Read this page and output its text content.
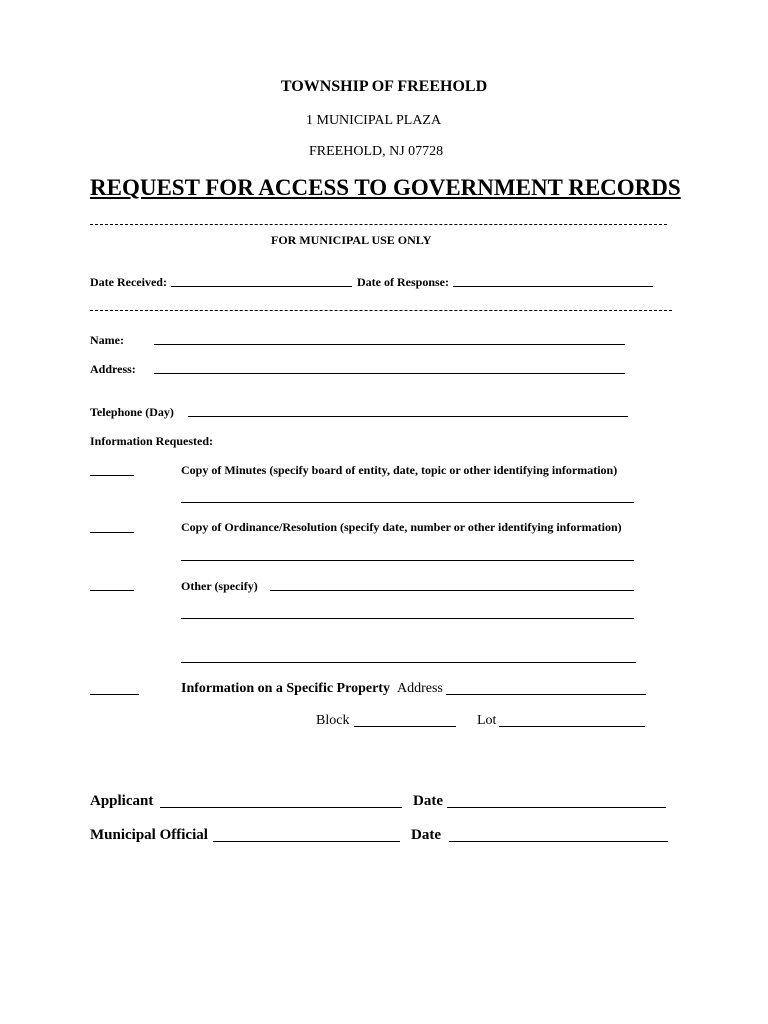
TOWNSHIP OF FREEHOLD
1 MUNICIPAL PLAZA
FREEHOLD, NJ 07728
REQUEST FOR ACCESS TO GOVERNMENT RECORDS
FOR MUNICIPAL USE ONLY
Date Received:	Date of Response:
Name:
Address:
Telephone (Day)
Information Requested:
Copy of Minutes (specify board of entity, date, topic or other identifying information)
Copy of Ordinance/Resolution (specify date, number or other identifying information)
Other (specify)
Information on a Specific Property Address
Block	Lot
Applicant	Date
Municipal Official	Date
